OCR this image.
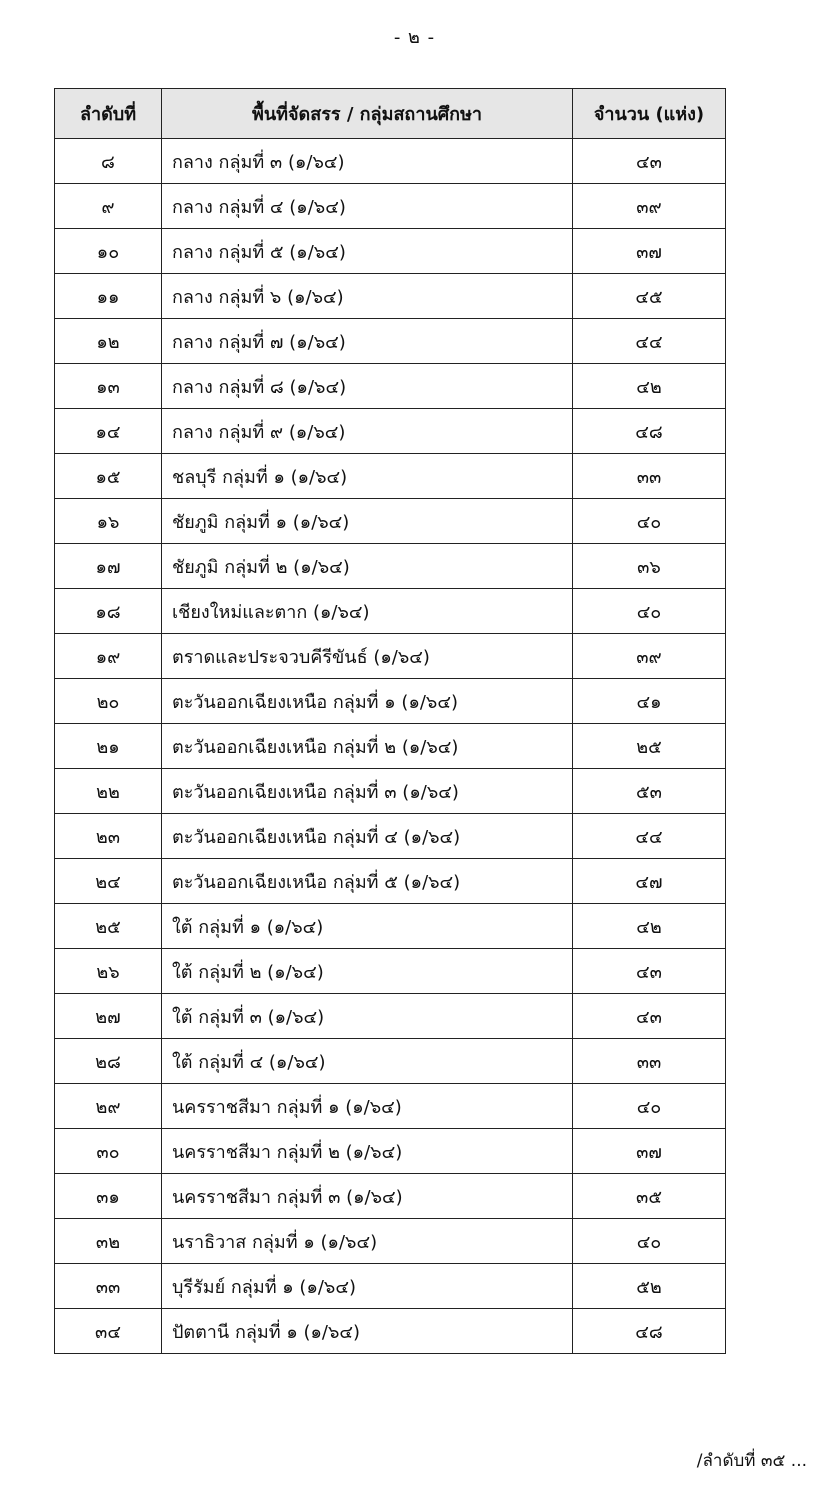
- ๒ -
ลำดับที่	พื้นที่จัดสรร / กลุ่มสถานศึกษา	จำนวน (แห่ง)
๘	กลาง กลุ่มที่ ๓ (๑/๖๔)	๔๓
๙	กลาง กลุ่มที่ ๔ (๑/๖๔)	๓๙
๑๐	กลาง กลุ่มที่ ๕ (๑/๖๔)	๓๗
๑๑	กลาง กลุ่มที่ ๖ (๑/๖๔)	๔๕
๑๒	กลาง กลุ่มที่ ๗ (๑/๖๔)	๔๔
๑๓	กลาง กลุ่มที่ ๘ (๑/๖๔)	๔๒
๑๔	กลาง กลุ่มที่ ๙ (๑/๖๔)	๔๘
๑๕	ชลบุรี กลุ่มที่ ๑ (๑/๖๔)	๓๓
๑๖	ชัยภูมิ กลุ่มที่ ๑ (๑/๖๔)	๔๐
๑๗	ชัยภูมิ กลุ่มที่ ๒ (๑/๖๔)	๓๖
๑๘	เชียงใหม่และตาก (๑/๖๔)	๔๐
๑๙	ตราดและประจวบคีรีขันธ์ (๑/๖๔)	๓๙
๒๐	ตะวันออกเฉียงเหนือ กลุ่มที่ ๑ (๑/๖๔)	๔๑
๒๑	ตะวันออกเฉียงเหนือ กลุ่มที่ ๒ (๑/๖๔)	๒๕
๒๒	ตะวันออกเฉียงเหนือ กลุ่มที่ ๓ (๑/๖๔)	๕๓
๒๓	ตะวันออกเฉียงเหนือ กลุ่มที่ ๔ (๑/๖๔)	๔๔
๒๔	ตะวันออกเฉียงเหนือ กลุ่มที่ ๕ (๑/๖๔)	๔๗
๒๕	ใต้ กลุ่มที่ ๑ (๑/๖๔)	๔๒
๒๖	ใต้ กลุ่มที่ ๒ (๑/๖๔)	๔๓
๒๗	ใต้ กลุ่มที่ ๓ (๑/๖๔)	๔๓
๒๘	ใต้ กลุ่มที่ ๔ (๑/๖๔)	๓๓
๒๙	นครราชสีมา กลุ่มที่ ๑ (๑/๖๔)	๔๐
๓๐	นครราชสีมา กลุ่มที่ ๒ (๑/๖๔)	๓๗
๓๑	นครราชสีมา กลุ่มที่ ๓ (๑/๖๔)	๓๕
๓๒	นราธิวาส กลุ่มที่ ๑ (๑/๖๔)	๔๐
๓๓	บุรีรัมย์ กลุ่มที่ ๑ (๑/๖๔)	๕๒
๓๔	ปัตตานี กลุ่มที่ ๑ (๑/๖๔)	๔๘
/ลำดับที่ ๓๕ ...
